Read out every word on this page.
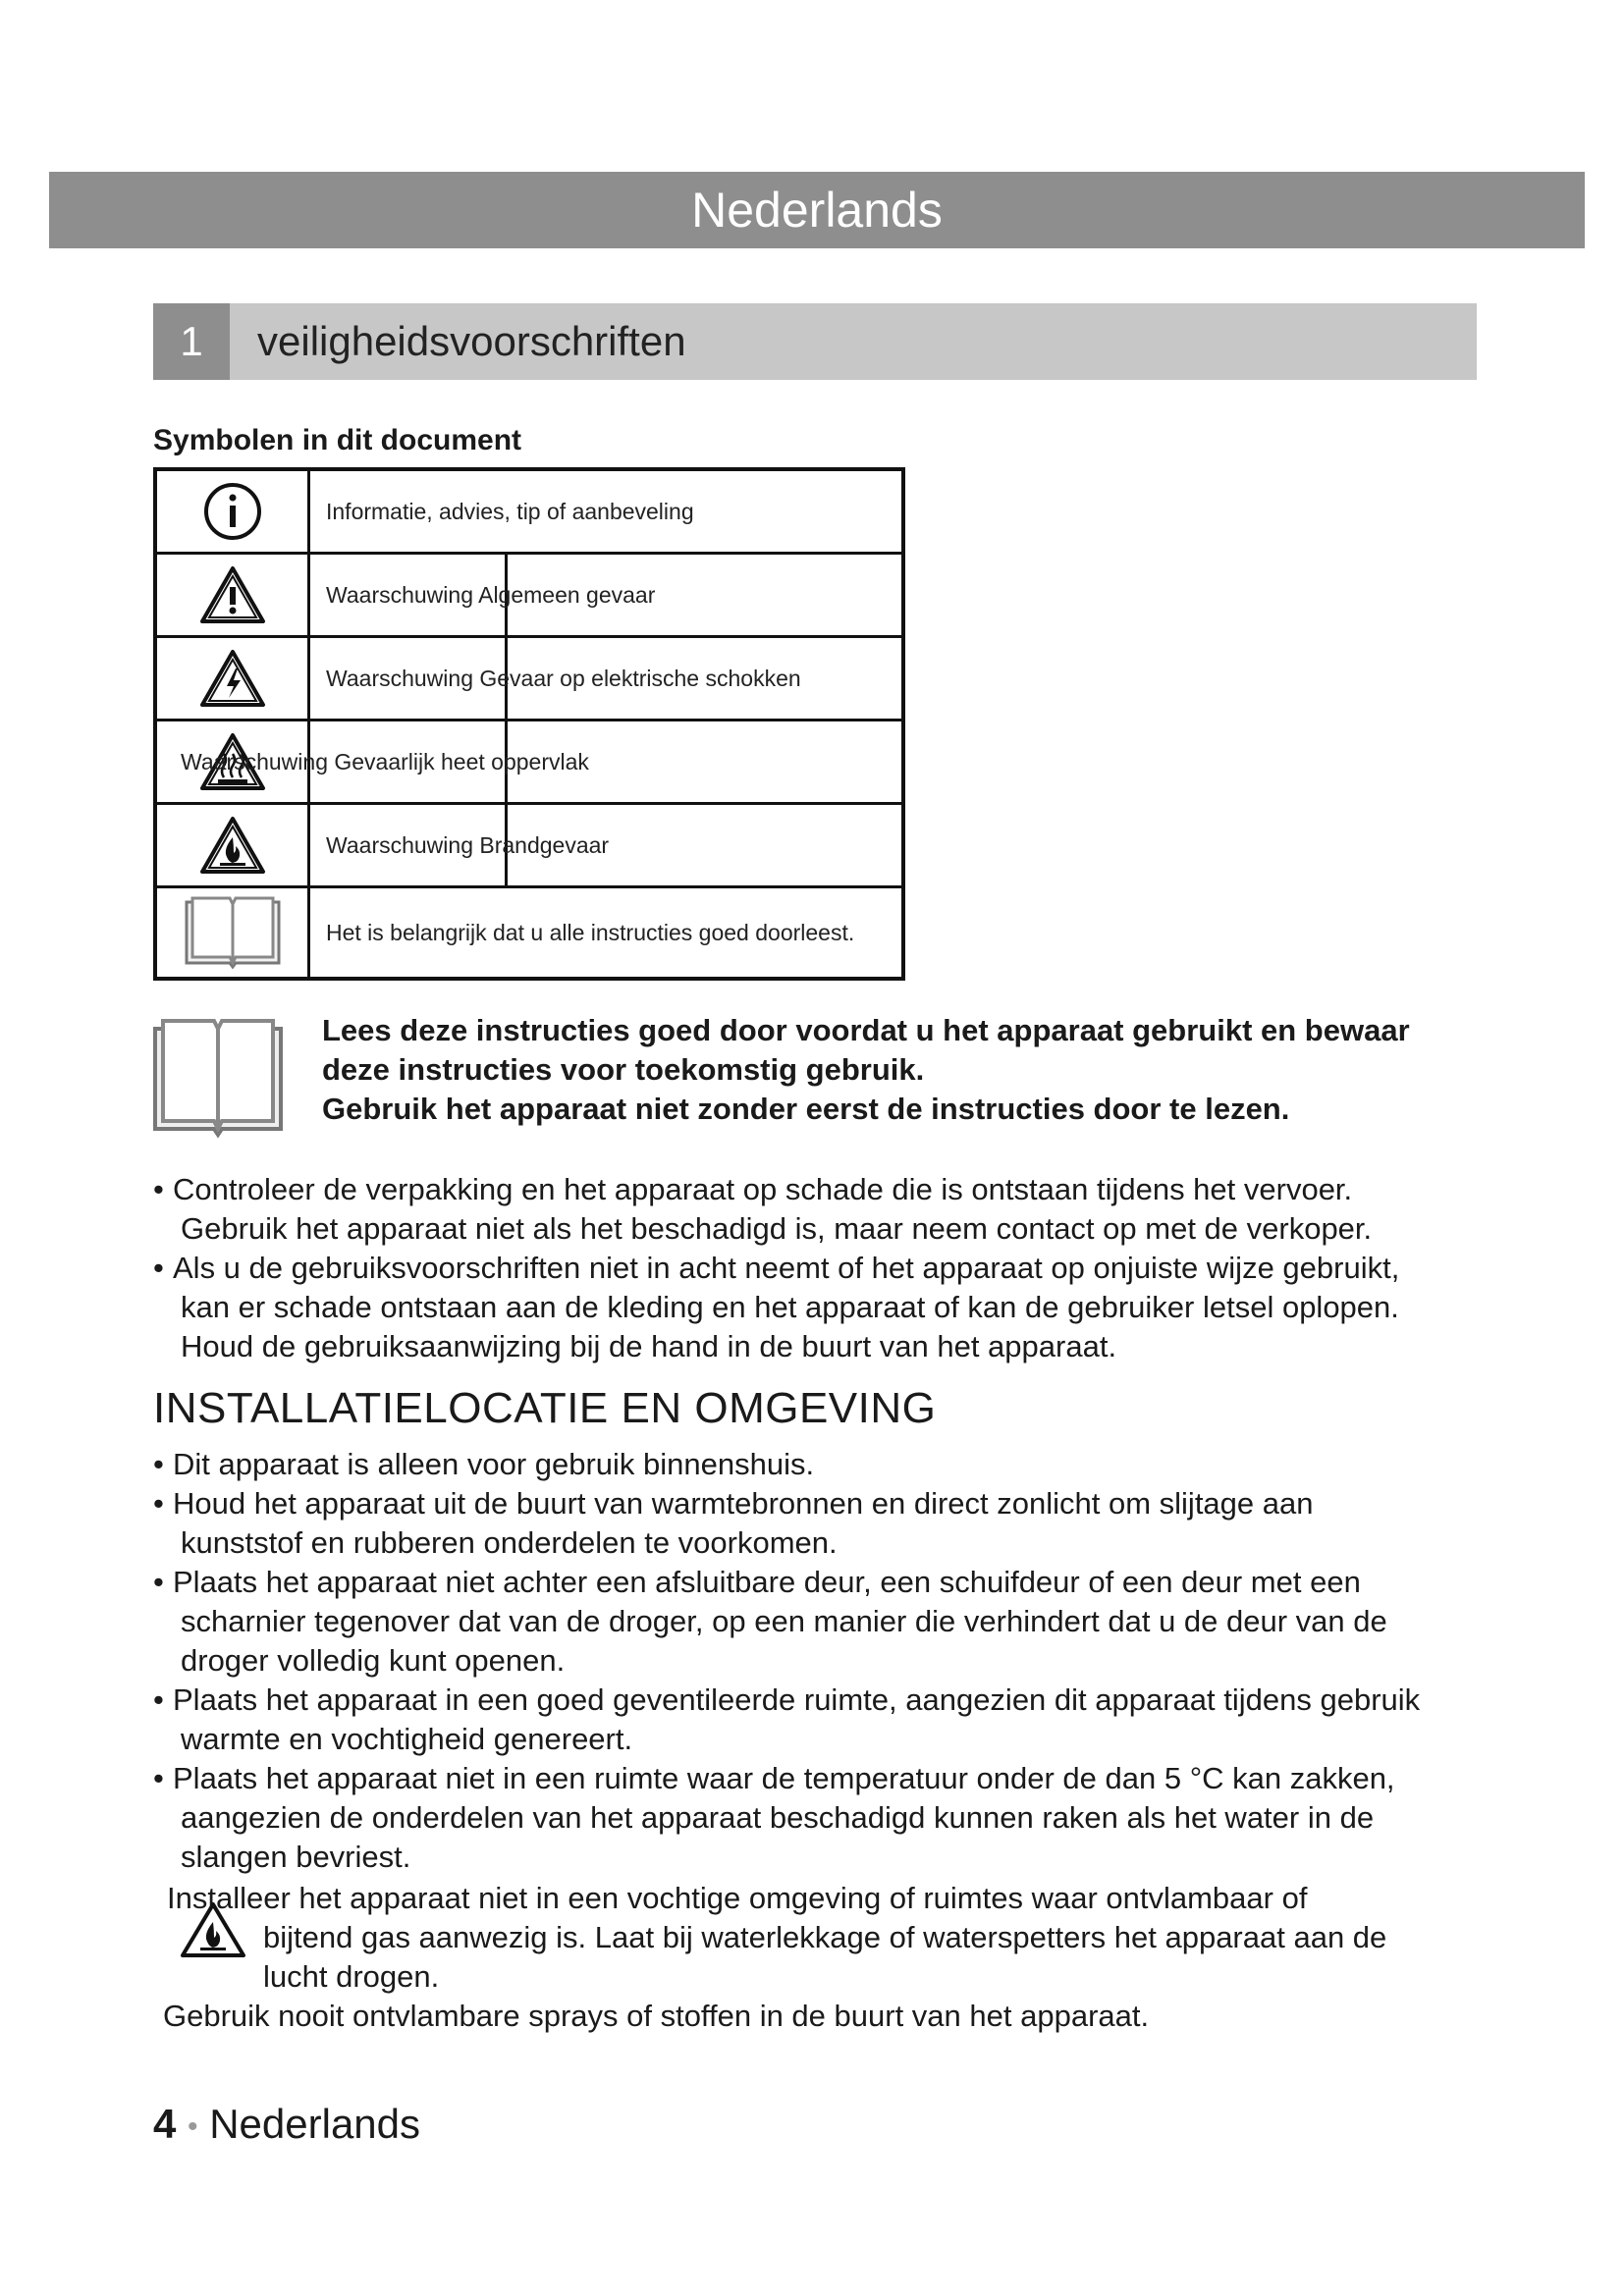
Nederlands
1	veiligheidsvoorschriften
Symbolen in dit document
Informatie, advies, tip of aanbeveling
Waarschuwing Algemeen gevaar
Waarschuwing Gevaar op elektrische schokken
Waarschuwing Gevaarlijk heet oppervlak
Waarschuwing Brandgevaar
Het is belangrijk dat u alle instructies goed doorleest.
Lees deze instructies goed door voordat u het apparaat gebruikt en bewaar
deze instructies voor toekomstig gebruik.
Gebruik het apparaat niet zonder eerst de instructies door te lezen.
• Controleer de verpakking en het apparaat op schade die is ontstaan tijdens het vervoer.
Gebruik het apparaat niet als het beschadigd is, maar neem contact op met de verkoper.
• Als u de gebruiksvoorschriften niet in acht neemt of het apparaat op onjuiste wijze gebruikt,
kan er schade ontstaan aan de kleding en het apparaat of kan de gebruiker letsel oplopen.
Houd de gebruiksaanwijzing bij de hand in de buurt van het apparaat.
INSTALLATIELOCATIE EN OMGEVING
• Dit apparaat is alleen voor gebruik binnenshuis.
• Houd het apparaat uit de buurt van warmtebronnen en direct zonlicht om slijtage aan
kunststof en rubberen onderdelen te voorkomen.
• Plaats het apparaat niet achter een afsluitbare deur, een schuifdeur of een deur met een
scharnier tegenover dat van de droger, op een manier die verhindert dat u de deur van de
droger volledig kunt openen.
• Plaats het apparaat in een goed geventileerde ruimte, aangezien dit apparaat tijdens gebruik
warmte en vochtigheid genereert.
• Plaats het apparaat niet in een ruimte waar de temperatuur onder de dan 5 °C kan zakken,
aangezien de onderdelen van het apparaat beschadigd kunnen raken als het water in de
slangen bevriest.
Installeer het apparaat niet in een vochtige omgeving of ruimtes waar ontvlambaar of
bijtend gas aanwezig is. Laat bij waterlekkage of waterspetters het apparaat aan de
lucht drogen.
Gebruik nooit ontvlambare sprays of stoffen in de buurt van het apparaat.
4 • Nederlands
